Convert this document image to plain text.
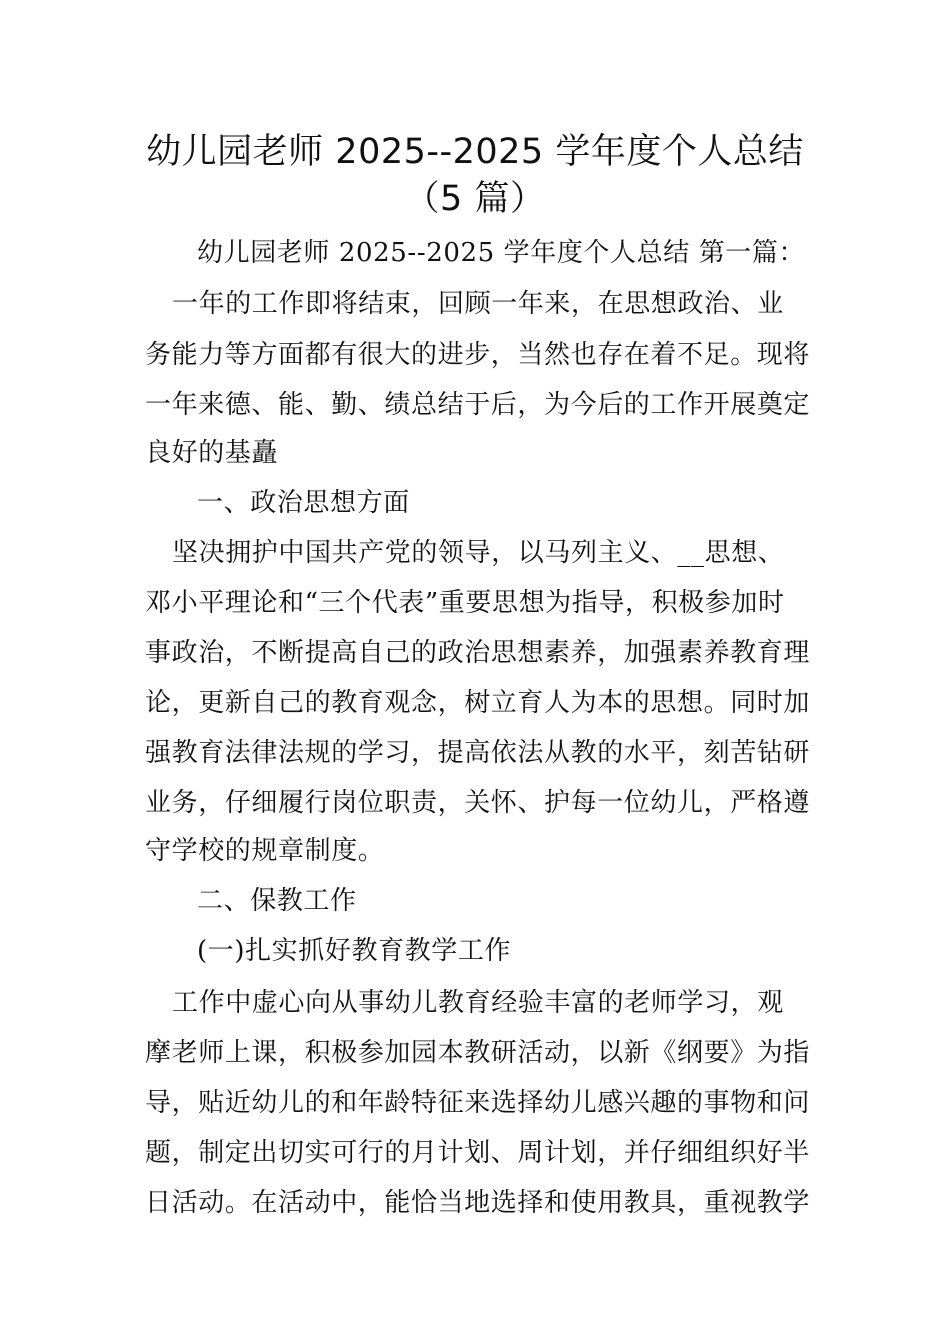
幼儿园老师 2025--2025 学年度个人总结
（5 篇）
幼儿园老师 2025--2025 学年度个人总结 第一篇：
一年的工作即将结束，回顾一年来，在思想政治、业
务能力等方面都有很大的进步，当然也存在着不足。现将
一年来德、能、勤、绩总结于后，为今后的工作开展奠定
良好的基矗
一、政治思想方面
坚决拥护中国共产党的领导，以马列主义、__思想、
邓小平理论和“三个代表”重要思想为指导，积极参加时
事政治，不断提高自己的政治思想素养，加强素养教育理
论，更新自己的教育观念，树立育人为本的思想。同时加
强教育法律法规的学习，提高依法从教的水平，刻苦钻研
业务，仔细履行岗位职责，关怀、护每一位幼儿，严格遵
守学校的规章制度。
二、保教工作
(一)扎实抓好教育教学工作
工作中虚心向从事幼儿教育经验丰富的老师学习，观
摩老师上课，积极参加园本教研活动，以新《纲要》为指
导，贴近幼儿的和年龄特征来选择幼儿感兴趣的事物和问
题，制定出切实可行的月计划、周计划，并仔细组织好半
日活动。在活动中，能恰当地选择和使用教具，重视教学
